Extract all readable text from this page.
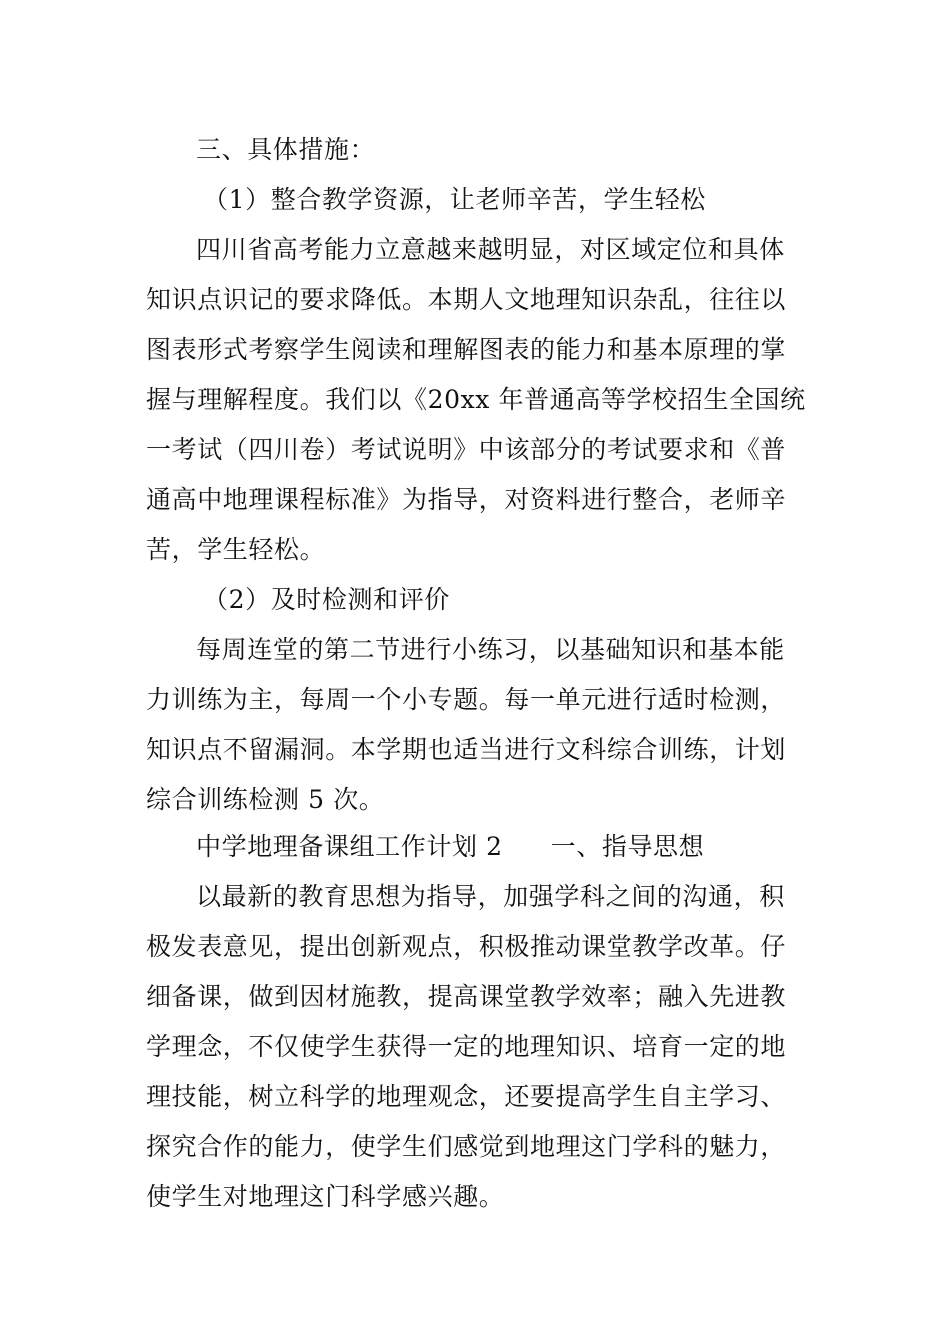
三、具体措施：
（1）整合教学资源，让老师辛苦，学生轻松
四川省高考能力立意越来越明显，对区域定位和具体
知识点识记的要求降低。本期人文地理知识杂乱，往往以
图表形式考察学生阅读和理解图表的能力和基本原理的掌
握与理解程度。我们以《20xx 年普通高等学校招生全国统
一考试（四川卷）考试说明》中该部分的考试要求和《普
通高中地理课程标准》为指导，对资料进行整合，老师辛
苦，学生轻松。
（2）及时检测和评价
每周连堂的第二节进行小练习，以基础知识和基本能
力训练为主，每周一个小专题。每一单元进行适时检测，
知识点不留漏洞。本学期也适当进行文科综合训练，计划
综合训练检测 5 次。
中学地理备课组工作计划 2 一、指导思想
以最新的教育思想为指导，加强学科之间的沟通，积
极发表意见，提出创新观点，积极推动课堂教学改革。仔
细备课，做到因材施教，提高课堂教学效率；融入先进教
学理念，不仅使学生获得一定的地理知识、培育一定的地
理技能，树立科学的地理观念，还要提高学生自主学习、
探究合作的能力，使学生们感觉到地理这门学科的魅力，
使学生对地理这门科学感兴趣。
